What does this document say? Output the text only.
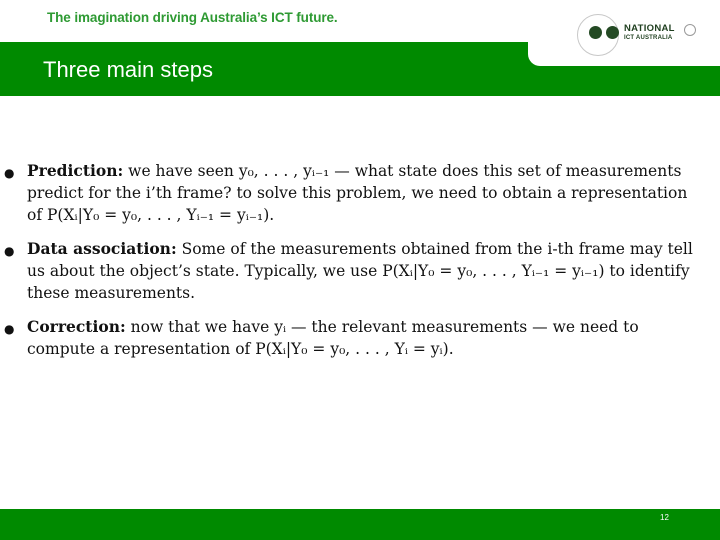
The imagination driving Australia’s ICT future.
NATIONAL
ICT AUSTRALIA
Three main steps
● Prediction: we have seen y₀, . . . , yᵢ₋₁ — what state does this set of measurements predict for the i’th frame? to solve this problem, we need to obtain a representation of P(Xᵢ|Y₀ = y₀, . . . , Yᵢ₋₁ = yᵢ₋₁).
● Data association: Some of the measurements obtained from the i-th frame may tell us about the object’s state. Typically, we use P(Xᵢ|Y₀ = y₀, . . . , Yᵢ₋₁ = yᵢ₋₁) to identify these measurements.
● Correction: now that we have yᵢ — the relevant measurements — we need to compute a representation of P(Xᵢ|Y₀ = y₀, . . . , Yᵢ = yᵢ).
12
